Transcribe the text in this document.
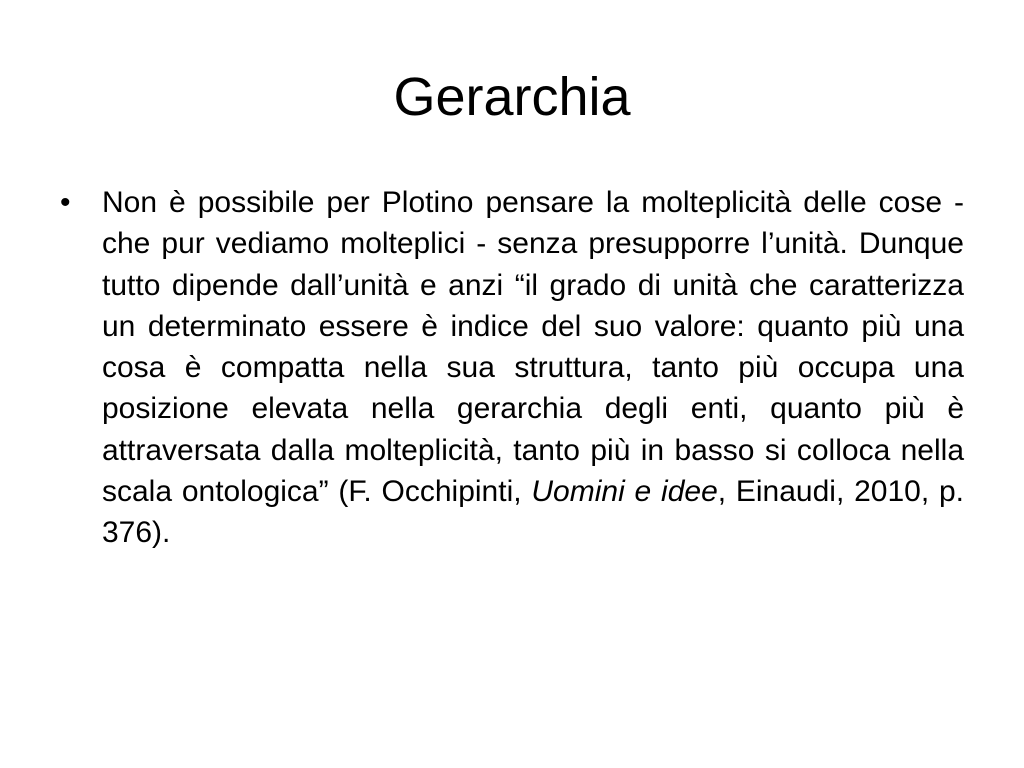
Gerarchia
•	Non è possibile per Plotino pensare la molteplicità delle cose - che pur vediamo molteplici - senza presupporre l’unità. Dunque tutto dipende dall’unità e anzi “il grado di unità che caratterizza un determinato essere è indice del suo valore: quanto più una cosa è compatta nella sua struttura, tanto più occupa una posizione elevata nella gerarchia degli enti, quanto più è attraversata dalla molteplicità, tanto più in basso si colloca nella scala ontologica” (F. Occhipinti, Uomini e idee, Einaudi, 2010, p. 376).
